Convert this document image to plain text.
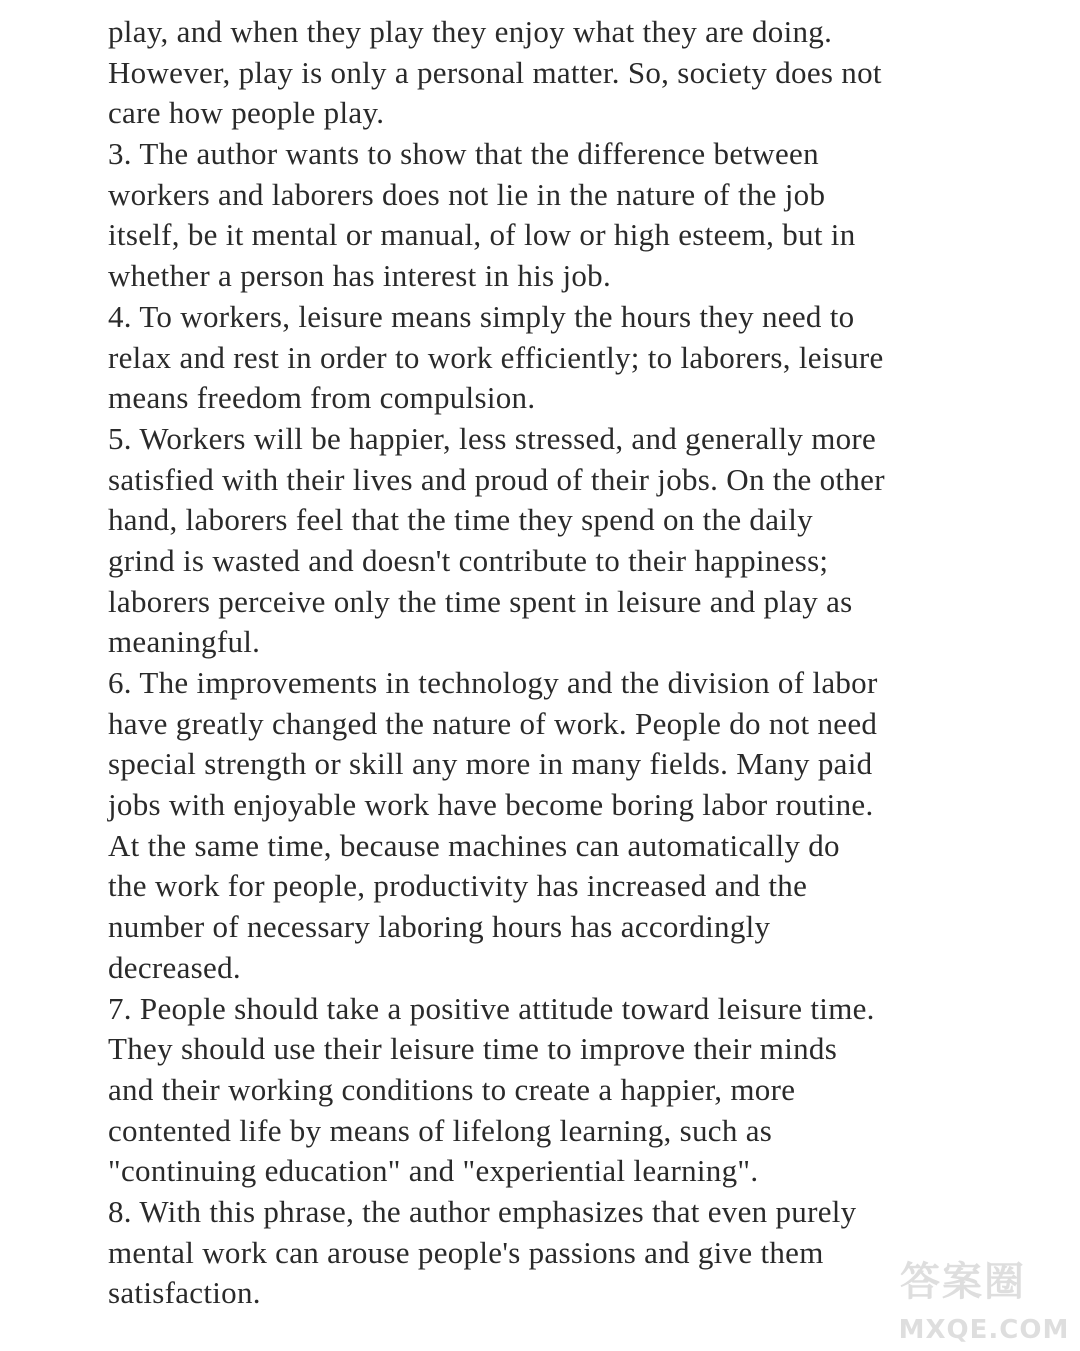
play, and when they play they enjoy what they are doing.
However, play is only a personal matter. So, society does not
care how people play.
3. The author wants to show that the difference between
workers and laborers does not lie in the nature of the job
itself, be it mental or manual, of low or high esteem, but in
whether a person has interest in his job.
4. To workers, leisure means simply the hours they need to
relax and rest in order to work efficiently; to laborers, leisure
means freedom from compulsion.
5. Workers will be happier, less stressed, and generally more
satisfied with their lives and proud of their jobs. On the other
hand, laborers feel that the time they spend on the daily
grind is wasted and doesn't contribute to their happiness;
laborers perceive only the time spent in leisure and play as
meaningful.
6. The improvements in technology and the division of labor
have greatly changed the nature of work. People do not need
special strength or skill any more in many fields. Many paid
jobs with enjoyable work have become boring labor routine.
At the same time, because machines can automatically do
the work for people, productivity has increased and the
number of necessary laboring hours has accordingly
decreased.
7. People should take a positive attitude toward leisure time.
They should use their leisure time to improve their minds
and their working conditions to create a happier, more
contented life by means of lifelong learning, such as
"continuing education" and "experiential learning".
8. With this phrase, the author emphasizes that even purely
mental work can arouse people's passions and give them
satisfaction.	答案圈
MXQE.COM
